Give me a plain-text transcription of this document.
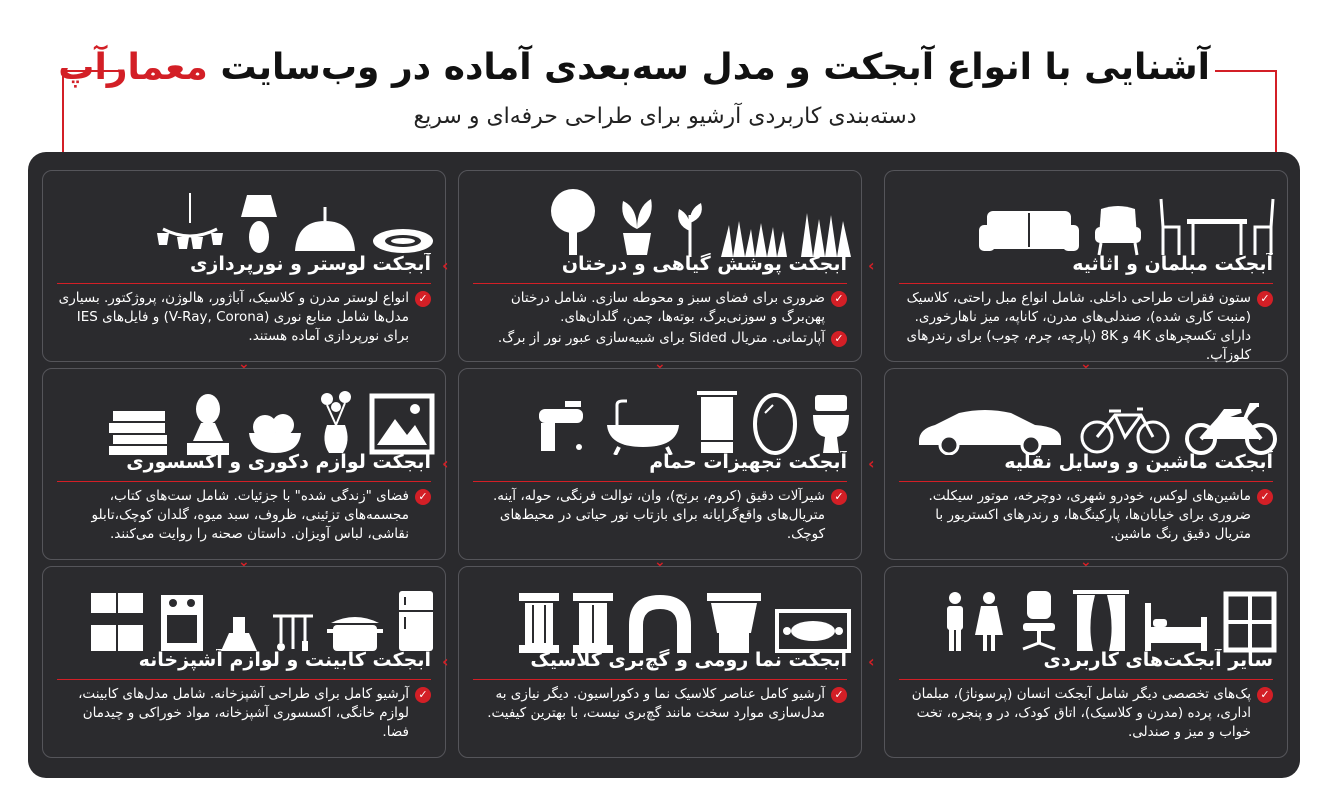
آشنایی با انواع آبجکت و مدل سه‌بعدی آماده در وب‌سایت معمارآپ
دسته‌بندی کاربردی آرشیو برای طراحی حرفه‌ای و سریع
آبجکت مبلمان و اثاثیه
✓
ستون فقرات طراحی داخلی. شامل انواع مبل راحتی، کلاسیک (منبت کاری شده)، صندلی‌های مدرن، کاناپه، میز ناهارخوری. دارای تکسچرهای 4K و 8K (پارچه، چرم، چوب) برای رندرهای کلوزآپ.
آبجکت پوشش گیاهی و درختان
✓
ضروری برای فضای سبز و محوطه سازی. شامل درختان پهن‌برگ و سوزنی‌برگ، بوته‌ها، چمن، گلدان‌های.
✓
آپارتمانی. متریال Sided برای شبیه‌سازی عبور نور از برگ.
آبجکت لوستر و نورپردازی
✓
انواع لوستر مدرن و کلاسیک، آباژور، هالوژن، پروژکتور. بسیاری مدل‌ها شامل منابع نوری (V-Ray, Corona) و فایل‌های IES برای نورپردازی آماده هستند.
آبجکت ماشین و وسایل نقلیه
✓
ماشین‌های لوکس، خودرو شهری، دوچرخه، موتور سیکلت. ضروری برای خیابان‌ها، پارکینگ‌ها، و رندرهای اکستریور با متریال دقیق رنگ ماشین.
آبجکت تجهیزات حمام
✓
شیرآلات دقیق (کروم، برنج)، وان، توالت فرنگی، حوله، آینه. متریال‌های واقع‌گرایانه برای بازتاب نور حیاتی در محیط‌های کوچک.
آبجکت لوازم دکوری و اکسسوری
✓
فضای "زندگی شده" با جزئیات. شامل ست‌های کتاب، مجسمه‌های تزئینی، ظروف، سبد میوه، گلدان کوچک،تابلو نقاشی، لباس آویزان. داستان صحنه را روایت می‌کنند.
سایر آبجکت‌های کاربردی
✓
پک‌های تخصصی دیگر شامل آبجکت انسان (پرسوناژ)، مبلمان اداری، پرده (مدرن و کلاسیک)، اتاق کودک، در و پنجره، تخت خواب و میز و صندلی.
آبجکت نما رومی و گچ‌بری کلاسیک
✓
آرشیو کامل عناصر کلاسیک نما و دکوراسیون. دیگر نیازی به مدل‌سازی موارد سخت مانند گچ‌بری نیست، با بهترین کیفیت.
آبجکت کابینت و لوازم آشپزخانه
✓
آرشیو کامل برای طراحی آشپزخانه. شامل مدل‌های کابینت، لوازم خانگی، اکسسوری آشپزخانه، مواد خوراکی و چیدمان فضا.
‹
‹
‹
‹
‹
‹
⌄
⌄
⌄
⌄
⌄
⌄
